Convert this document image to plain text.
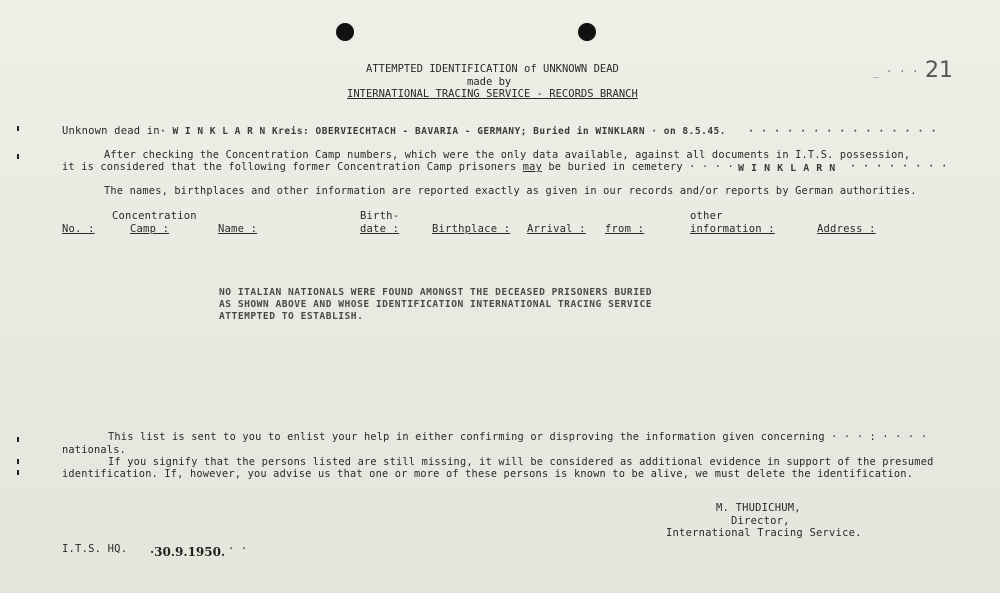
ATTEMPTED IDENTIFICATION of UNKNOWN DEAD
made by
INTERNATIONAL TRACING SERVICE - RECORDS BRANCH
_ · · · 21
Unknown dead in · W I N K L A R N Kreis: OBERVIECHTACH - BAVARIA - GERMANY; Buried in WINKLARN · on 8.5.45. · · · · · · · · · · · · · · ·
After checking the Concentration Camp numbers, which were the only data available, against all documents in I.T.S. possession,
it is considered that the following former Concentration Camp prisoners may be buried in cemetery · · · · W I N K L A R N · · · · · · · ·
The names, birthplaces and other information are reported exactly as given in our records and/or reports by German authorities.
Concentration	Birth-	other
No. :	Camp :	Name :	date :	Birthplace : Arrival : from :	information :	Address :
NO ITALIAN NATIONALS WERE FOUND AMONGST THE DECEASED PRISONERS BURIED
AS SHOWN ABOVE AND WHOSE IDENTIFICATION INTERNATIONAL TRACING SERVICE
ATTEMPTED TO ESTABLISH.
This list is sent to you to enlist your help in either confirming or disproving the information given concerning · · · : · · · ·
nationals.
If you signify that the persons listed are still missing, it will be considered as additional evidence in support of the presumed
identification. If, however, you advise us that one or more of these persons is known to be alive, we must delete the identification.
M. THUDICHUM,
Director,
International Tracing Service.
I.T.S. HQ. ·30.9.1950. · ·
